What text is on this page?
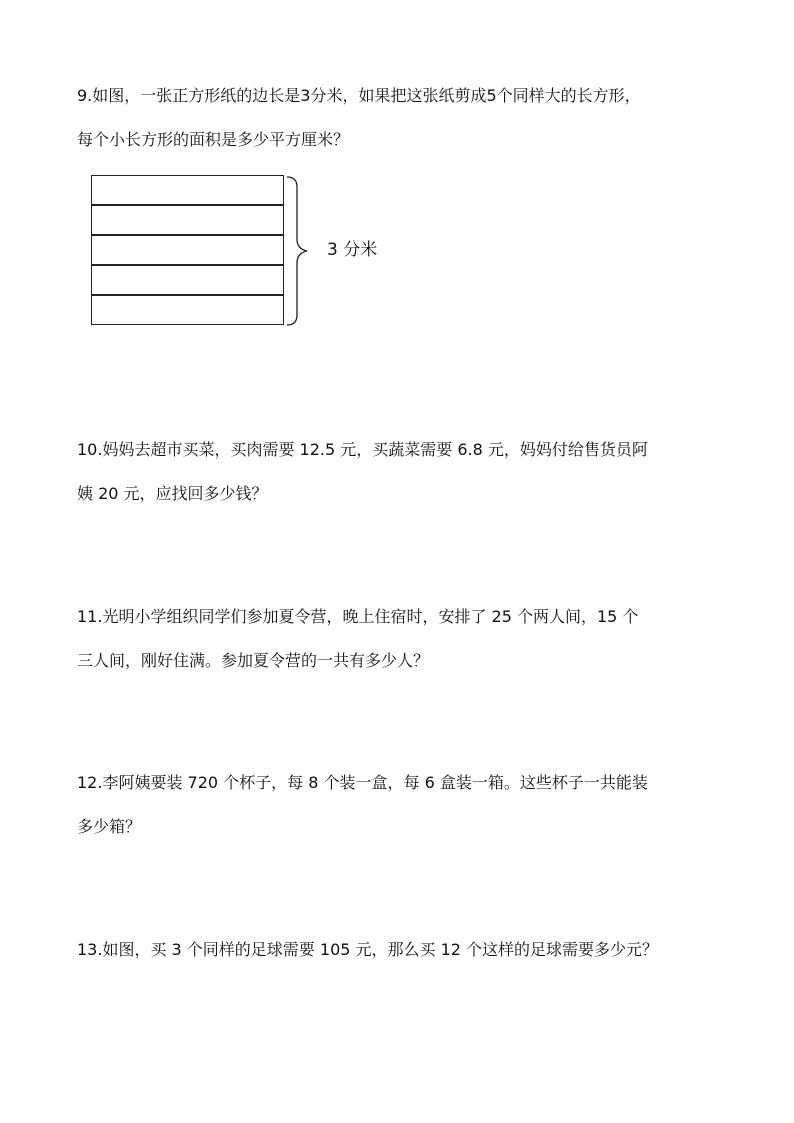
9.如图，一张正方形纸的边长是3分米，如果把这张纸剪成5个同样大的长方形，
每个小长方形的面积是多少平方厘米？
3 分米
10.妈妈去超市买菜，买肉需要 12.5 元，买蔬菜需要 6.8 元，妈妈付给售货员阿
姨 20 元，应找回多少钱？
11.光明小学组织同学们参加夏令营，晚上住宿时，安排了 25 个两人间，15 个
三人间，刚好住满。参加夏令营的一共有多少人？
12.李阿姨要装 720 个杯子，每 8 个装一盒，每 6 盒装一箱。这些杯子一共能装
多少箱？
13.如图，买 3 个同样的足球需要 105 元，那么买 12 个这样的足球需要多少元？
